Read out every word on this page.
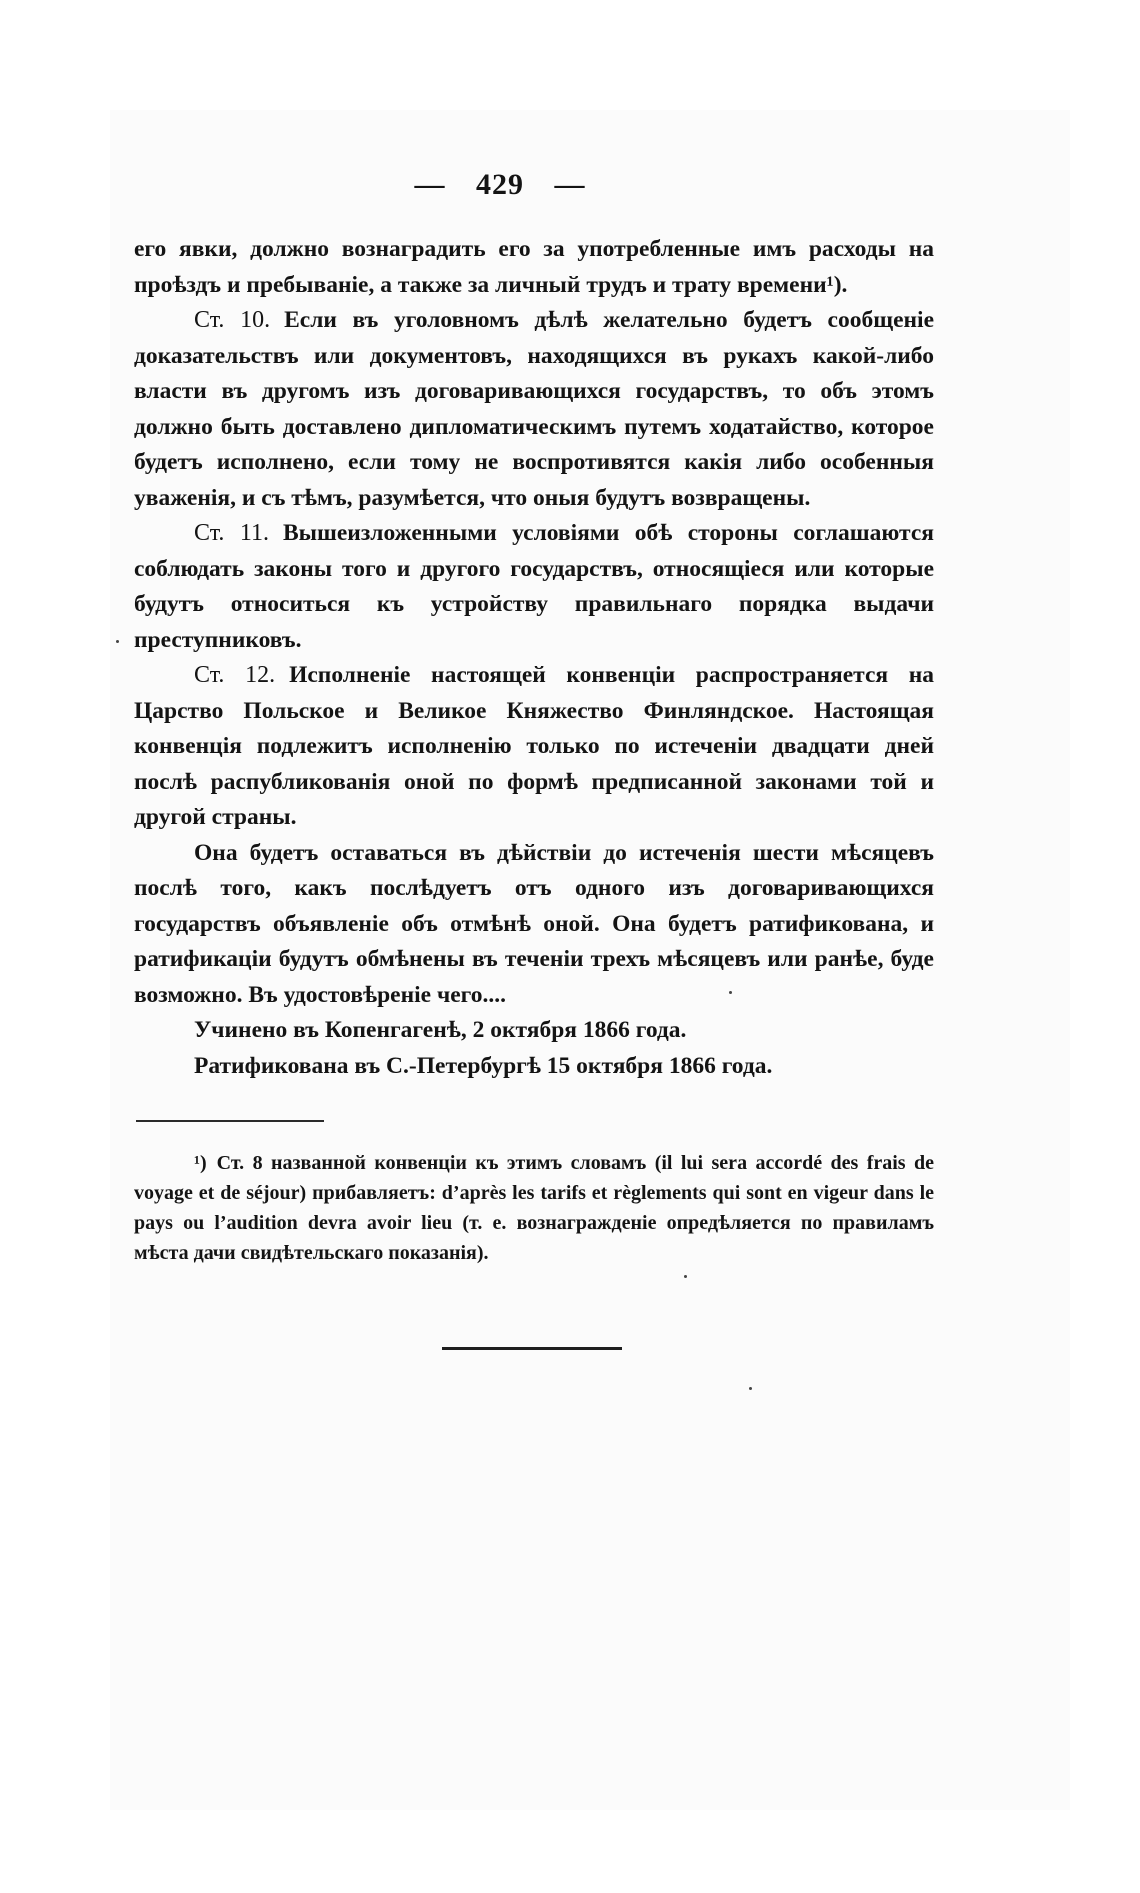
— 429 —

его явки, должно вознаградить его за употребленные имъ расходы на проѣздъ и пребываніе, а также за личный трудъ и трату времени¹).

Ст. 10. Если въ уголовномъ дѣлѣ желательно будетъ сообщеніе доказательствъ или документовъ, находящихся въ рукахъ какой-либо власти въ другомъ изъ договаривающихся государствъ, то объ этомъ должно быть доставлено дипломатическимъ путемъ ходатайство, которое будетъ исполнено, если тому не воспротивятся какія либо особенныя уваженія, и съ тѣмъ, разумѣется, что оныя будутъ возвращены.

Ст. 11. Вышеизложенными условіями обѣ стороны соглашаются соблюдать законы того и другого государствъ, относящіеся или которые будутъ относиться къ устройству правильнаго порядка выдачи преступниковъ.

Ст. 12. Исполненіе настоящей конвенціи распространяется на Царство Польское и Великое Княжество Финляндское. Настоящая конвенція подлежитъ исполненію только по истеченіи двадцати дней послѣ распубликованія оной по формѣ предписанной законами той и другой страны.

Она будетъ оставаться въ дѣйствіи до истеченія шести мѣсяцевъ послѣ того, какъ послѣдуетъ отъ одного изъ договаривающихся государствъ объявленіе объ отмѣнѣ оной. Она будетъ ратификована, и ратификаціи будутъ обмѣнены въ теченіи трехъ мѣсяцевъ или ранѣе, буде возможно. Въ удостовѣреніе чего....

Учинено въ Копенгагенѣ, 2 октября 1866 года.

Ратификована въ С.-Петербургѣ 15 октября 1866 года.

¹) Ст. 8 названной конвенціи къ этимъ словамъ (il lui sera accordé des frais de voyage et de séjour) прибавляетъ: d’après les tarifs et règlements qui sont en vigeur dans le pays ou l’audition devra avoir lieu (т. е. вознагражденіе опредѣляется по правиламъ мѣста дачи свидѣтельскаго показанія).
